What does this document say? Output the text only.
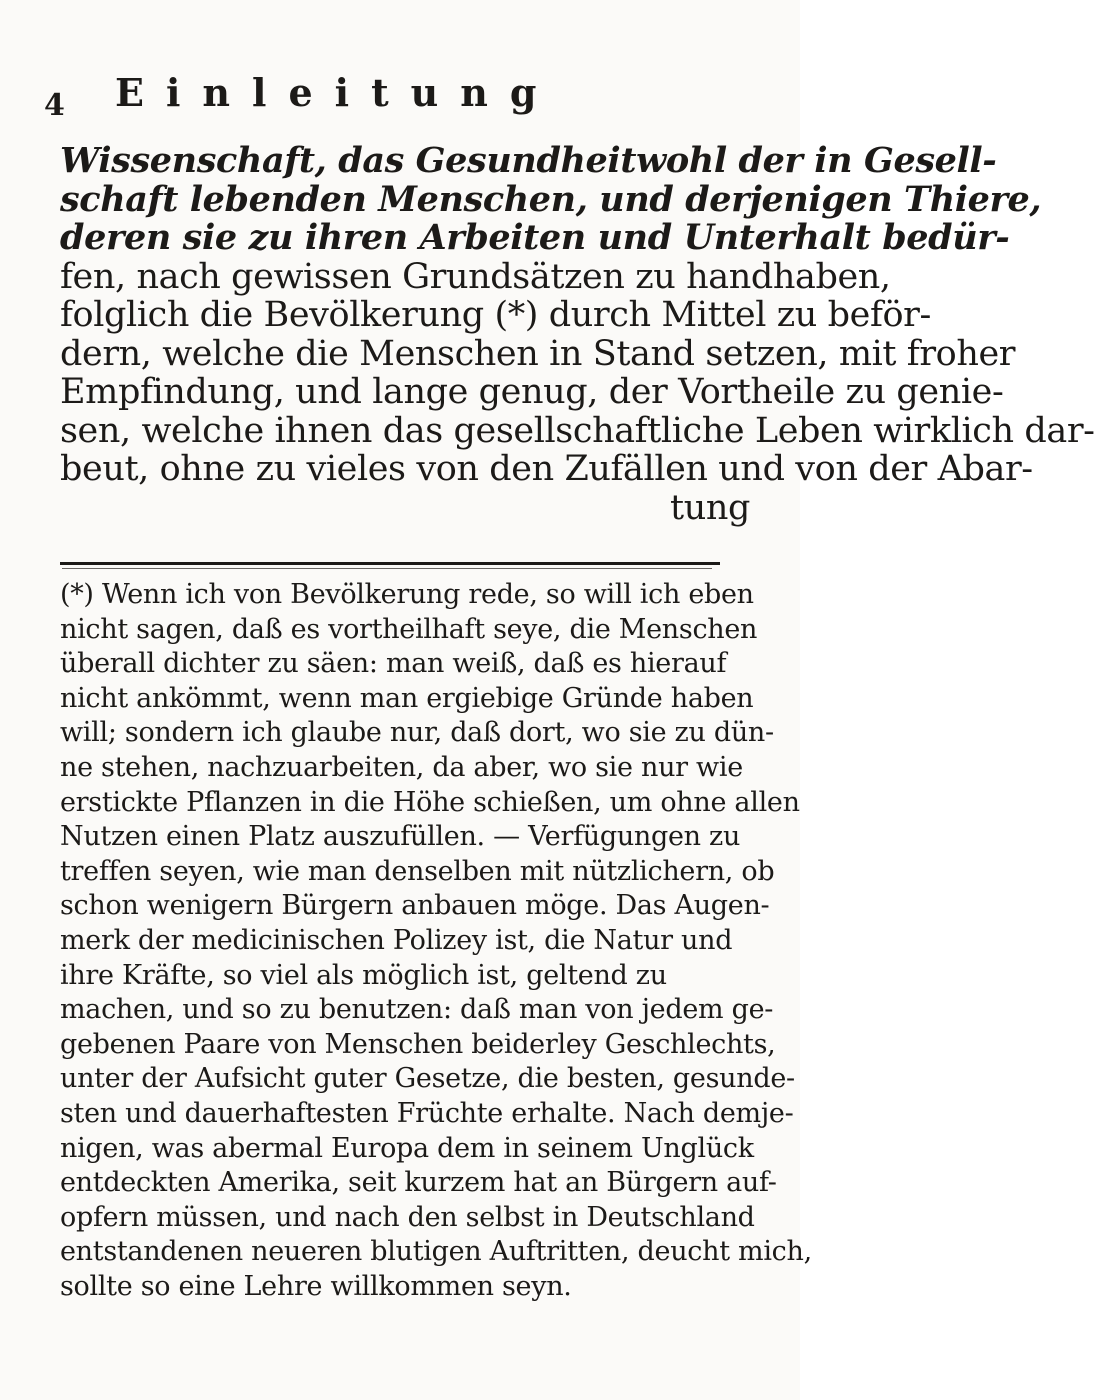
4 Einleitung
Wissenschaft, das Gesundheitwohl der in Gesell-
schaft lebenden Menschen, und derjenigen Thiere,
deren sie zu ihren Arbeiten und Unterhalt bedür-
fen, nach gewissen Grundsätzen zu handhaben,
folglich die Bevölkerung (*) durch Mittel zu beför-
dern, welche die Menschen in Stand setzen, mit froher
Empfindung, und lange genug, der Vortheile zu genie-
sen, welche ihnen das gesellschaftliche Leben wirklich dar-
beut, ohne zu vieles von den Zufällen und von der Abar-
tung
(*) Wenn ich von Bevölkerung rede, so will ich eben
nicht sagen, daß es vortheilhaft seye, die Menschen
überall dichter zu säen: man weiß, daß es hierauf
nicht ankömmt, wenn man ergiebige Gründe haben
will; sondern ich glaube nur, daß dort, wo sie zu dün-
ne stehen, nachzuarbeiten, da aber, wo sie nur wie
erstickte Pflanzen in die Höhe schießen, um ohne allen
Nutzen einen Platz auszufüllen. — Verfügungen zu
treffen seyen, wie man denselben mit nützlichern, ob
schon wenigern Bürgern anbauen möge. Das Augen-
merk der medicinischen Polizey ist, die Natur und
ihre Kräfte, so viel als möglich ist, geltend zu
machen, und so zu benutzen: daß man von jedem ge-
gebenen Paare von Menschen beiderley Geschlechts,
unter der Aufsicht guter Gesetze, die besten, gesunde-
sten und dauerhaftesten Früchte erhalte. Nach demje-
nigen, was abermal Europa dem in seinem Unglück
entdeckten Amerika, seit kurzem hat an Bürgern auf-
opfern müssen, und nach den selbst in Deutschland
entstandenen neueren blutigen Auftritten, deucht mich,
sollte so eine Lehre willkommen seyn.
